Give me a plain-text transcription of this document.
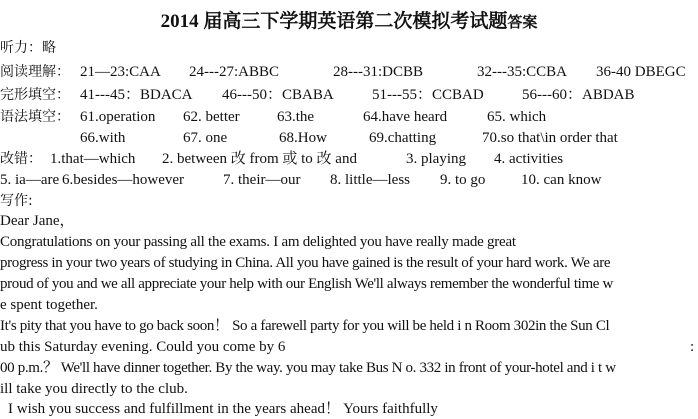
2014 届高三下学期英语第二次模拟考试题答案
听力：略
阅读理解： 21—23:CAA 24---27:ABBC	28---31:DCBB	32---35:CCBA 36-40 DBEGC
完形填空： 41---45：BDACA 46---50：CBABA	51---55：CCBAD	56---60：ABDAB
语法填空： 61.operation 62. better 63.the	64.have heard	65. which
66.with	67. one	68.How	69.chatting	70.so that\in order that
改错： 1.that—which 2. between 改 from 或 to 改 and	3. playing 4. activities
5. ia—are 6.besides—however	7. their—our 8. little—less 9. to go 10. can know
写作:
Dear Jane，
Congratulations on your passing all the exams. I am delighted you have really made great
progress in your two years of studying in China. All you have gained is the result of your hard work. We are
proud of you and we all appreciate your help with our English We'll always remember the wonderful time w
e spent together.
It's pity that you have to go back soon！ So a farewell party for you will be held i n Room 302in the Sun Cl
ub this Saturday evening. Could you come by 6	:
00 p.m.？ We'll have dinner together. By the way. you may take Bus N o. 332 in front of your-hotel and i t w
ill take you directly to the club.
I wish you success and fulfillment in the years ahead！ Yours faithfully
